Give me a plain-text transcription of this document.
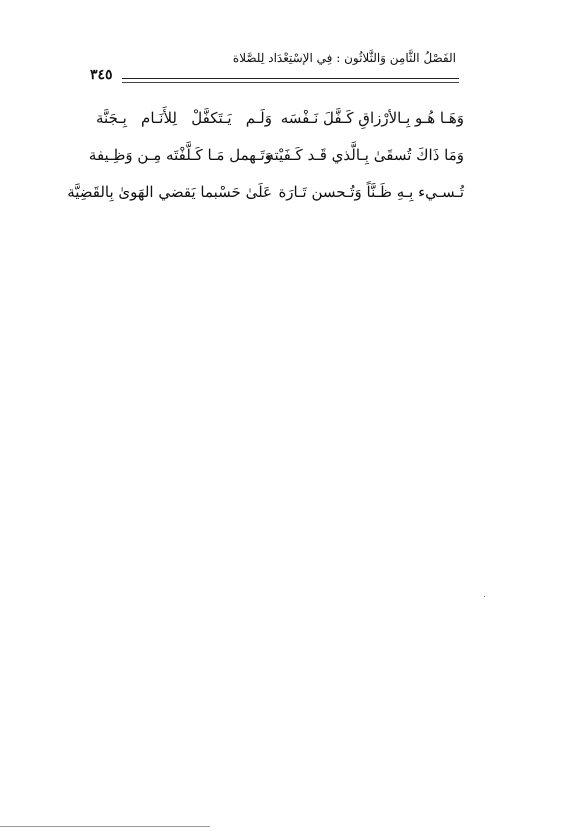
الفَصْلُ الثَّامِن وَالثَّلاثُون : فِي الإسْتِعْدَاد لِلصَّلاة
٣٤٥
وَهَـا هُـو بِـالأرْزاقِ كَـفَّلَ نَـفْسَه
وَلَـم يَـتَكفَّلْ لِلأَنَـام بِـجَنَّة
وَمَا ذَاكَ تُسقَىٰ بِـالَّذي قَـد كَـفَيْته
وَتَـهمل مَـا كَـلَّفْتَه مِـن وَظِـيفة
تُـسـيء بِـهِ ظَـنَّاً وَتُـحسن تَـارَة
عَلَىٰ حَسْبما يَقضي الهَوىٰ بِالقَضِيَّة
